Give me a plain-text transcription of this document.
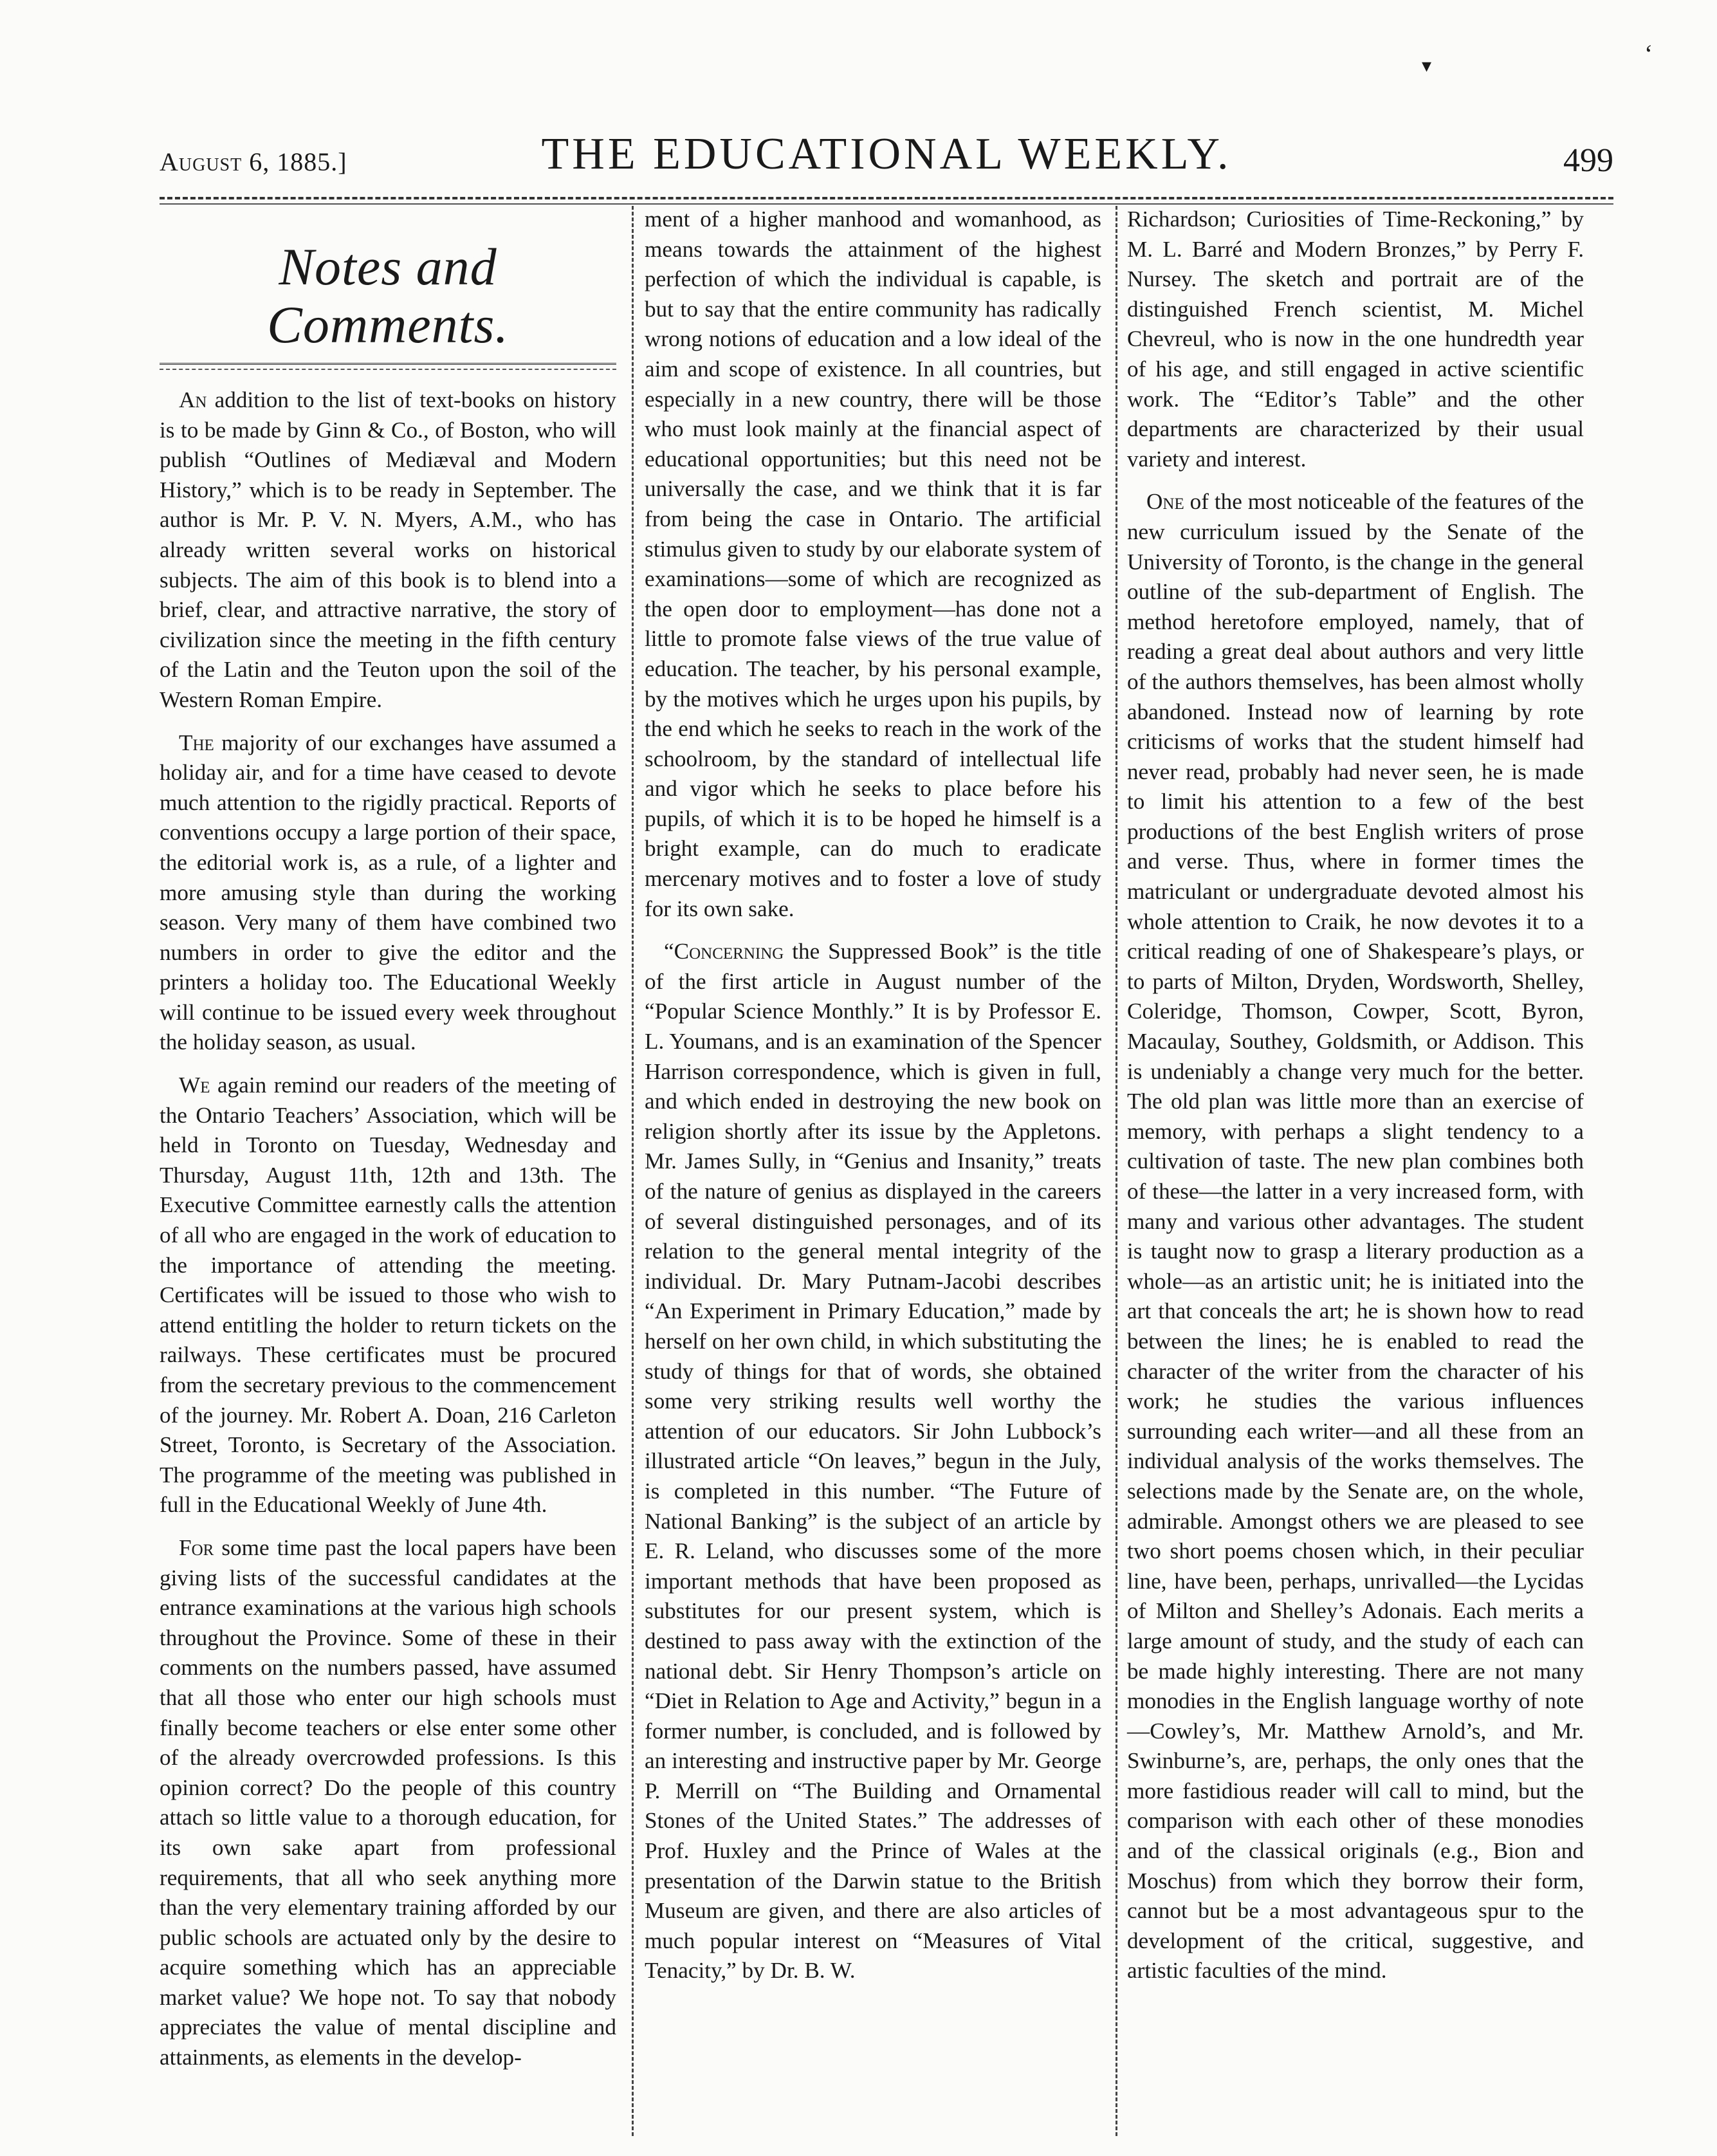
▾	‘
August 6, 1885.]	THE EDUCATIONAL WEEKLY.	499
Notes and Comments.

An addition to the list of text-books on history is to be made by Ginn & Co., of Boston, who will publish “Outlines of Mediæval and Modern History,” which is to be ready in September. The author is Mr. P. V. N. Myers, A.M., who has already written several works on historical subjects. The aim of this book is to blend into a brief, clear, and attractive narrative, the story of civilization since the meeting in the fifth century of the Latin and the Teuton upon the soil of the Western Roman Empire.

The majority of our exchanges have assumed a holiday air, and for a time have ceased to devote much attention to the rigidly practical. Reports of conventions occupy a large portion of their space, the editorial work is, as a rule, of a lighter and more amusing style than during the working season. Very many of them have combined two numbers in order to give the editor and the printers a holiday too. The Educational Weekly will continue to be issued every week throughout the holiday season, as usual.

We again remind our readers of the meeting of the Ontario Teachers’ Association, which will be held in Toronto on Tuesday, Wednesday and Thursday, August 11th, 12th and 13th. The Executive Committee earnestly calls the attention of all who are engaged in the work of education to the importance of attending the meeting. Certificates will be issued to those who wish to attend entitling the holder to return tickets on the railways. These certificates must be procured from the secretary previous to the commencement of the journey. Mr. Robert A. Doan, 216 Carleton Street, Toronto, is Secretary of the Association. The programme of the meeting was published in full in the Educational Weekly of June 4th.

For some time past the local papers have been giving lists of the successful candidates at the entrance examinations at the various high schools throughout the Province. Some of these in their comments on the numbers passed, have assumed that all those who enter our high schools must finally become teachers or else enter some other of the already overcrowded professions. Is this opinion correct? Do the people of this country attach so little value to a thorough education, for its own sake apart from professional requirements, that all who seek anything more than the very elementary training afforded by our public schools are actuated only by the desire to acquire something which has an appreciable market value? We hope not. To say that nobody appreciates the value of mental discipline and attainments, as elements in the develop-

ment of a higher manhood and womanhood, as means towards the attainment of the highest perfection of which the individual is capable, is but to say that the entire community has radically wrong notions of education and a low ideal of the aim and scope of existence. In all countries, but especially in a new country, there will be those who must look mainly at the financial aspect of educational opportunities; but this need not be universally the case, and we think that it is far from being the case in Ontario. The artificial stimulus given to study by our elaborate system of examinations—some of which are recognized as the open door to employment—has done not a little to promote false views of the true value of education. The teacher, by his personal example, by the motives which he urges upon his pupils, by the end which he seeks to reach in the work of the schoolroom, by the standard of intellectual life and vigor which he seeks to place before his pupils, of which it is to be hoped he himself is a bright example, can do much to eradicate mercenary motives and to foster a love of study for its own sake.

“Concerning the Suppressed Book” is the title of the first article in August number of the “Popular Science Monthly.” It is by Professor E. L. Youmans, and is an examination of the Spencer Harrison correspondence, which is given in full, and which ended in destroying the new book on religion shortly after its issue by the Appletons. Mr. James Sully, in “Genius and Insanity,” treats of the nature of genius as displayed in the careers of several distinguished personages, and of its relation to the general mental integrity of the individual. Dr. Mary Putnam-Jacobi describes “An Experiment in Primary Education,” made by herself on her own child, in which substituting the study of things for that of words, she obtained some very striking results well worthy the attention of our educators. Sir John Lubbock’s illustrated article “On leaves,” begun in the July, is completed in this number. “The Future of National Banking” is the subject of an article by E. R. Leland, who discusses some of the more important methods that have been proposed as substitutes for our present system, which is destined to pass away with the extinction of the national debt. Sir Henry Thompson’s article on “Diet in Relation to Age and Activity,” begun in a former number, is concluded, and is followed by an interesting and instructive paper by Mr. George P. Merrill on “The Building and Ornamental Stones of the United States.” The addresses of Prof. Huxley and the Prince of Wales at the presentation of the Darwin statue to the British Museum are given, and there are also articles of much popular interest on “Measures of Vital Tenacity,” by Dr. B. W.

Richardson; Curiosities of Time-Reckoning,” by M. L. Barré and Modern Bronzes,” by Perry F. Nursey. The sketch and portrait are of the distinguished French scientist, M. Michel Chevreul, who is now in the one hundredth year of his age, and still engaged in active scientific work. The “Editor’s Table” and the other departments are characterized by their usual variety and interest.

One of the most noticeable of the features of the new curriculum issued by the Senate of the University of Toronto, is the change in the general outline of the sub-department of English. The method heretofore employed, namely, that of reading a great deal about authors and very little of the authors themselves, has been almost wholly abandoned. Instead now of learning by rote criticisms of works that the student himself had never read, probably had never seen, he is made to limit his attention to a few of the best productions of the best English writers of prose and verse. Thus, where in former times the matriculant or undergraduate devoted almost his whole attention to Craik, he now devotes it to a critical reading of one of Shakespeare’s plays, or to parts of Milton, Dryden, Wordsworth, Shelley, Coleridge, Thomson, Cowper, Scott, Byron, Macaulay, Southey, Goldsmith, or Addison. This is undeniably a change very much for the better. The old plan was little more than an exercise of memory, with perhaps a slight tendency to a cultivation of taste. The new plan combines both of these—the latter in a very increased form, with many and various other advantages. The student is taught now to grasp a literary production as a whole—as an artistic unit; he is initiated into the art that conceals the art; he is shown how to read between the lines; he is enabled to read the character of the writer from the character of his work; he studies the various influences surrounding each writer—and all these from an individual analysis of the works themselves. The selections made by the Senate are, on the whole, admirable. Amongst others we are pleased to see two short poems chosen which, in their peculiar line, have been, perhaps, unrivalled—the Lycidas of Milton and Shelley’s Adonais. Each merits a large amount of study, and the study of each can be made highly interesting. There are not many monodies in the English language worthy of note—Cowley’s, Mr. Matthew Arnold’s, and Mr. Swinburne’s, are, perhaps, the only ones that the more fastidious reader will call to mind, but the comparison with each other of these monodies and of the classical originals (e.g., Bion and Moschus) from which they borrow their form, cannot but be a most advantageous spur to the development of the critical, suggestive, and artistic faculties of the mind.
